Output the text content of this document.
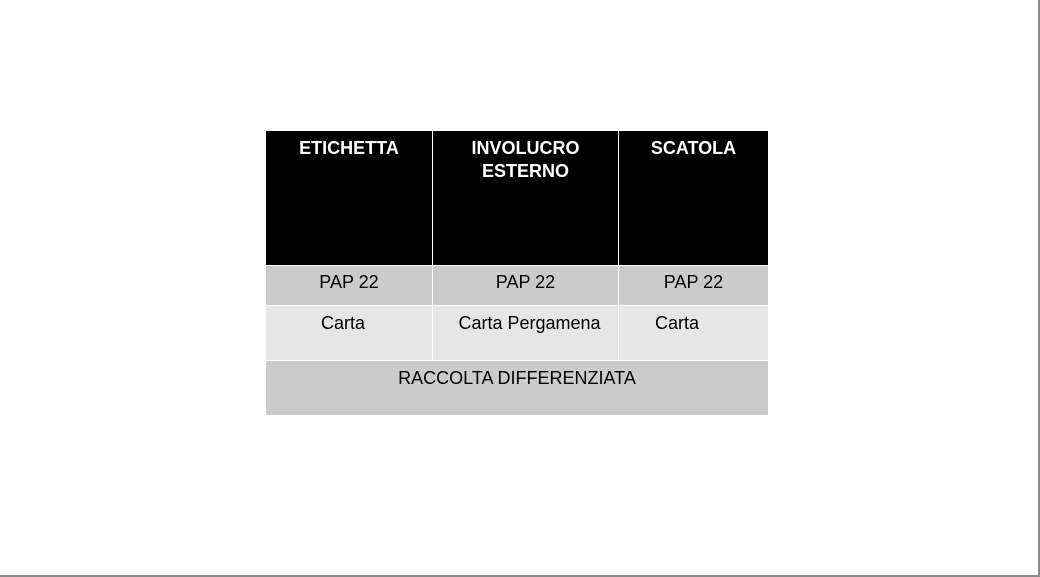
ETICHETTA	INVOLUCRO ESTERNO	SCATOLA
PAP 22	PAP 22	PAP 22
Carta	Carta Pergamena	Carta
RACCOLTA DIFFERENZIATA		
